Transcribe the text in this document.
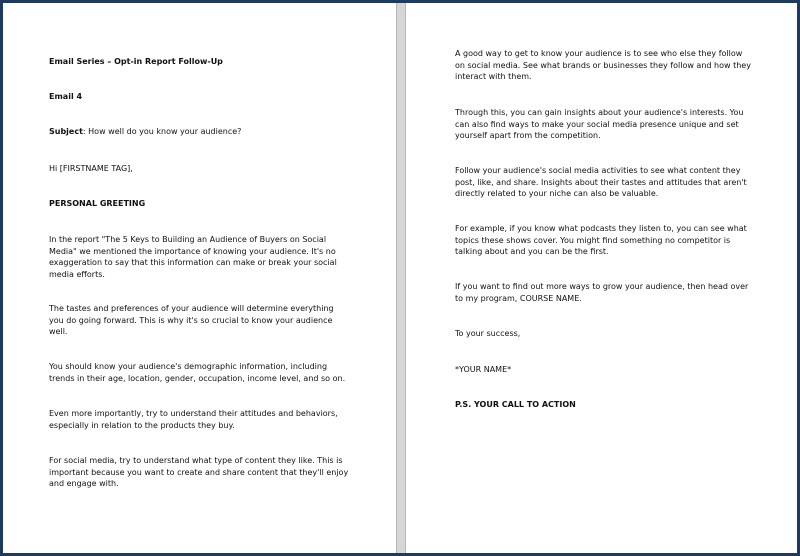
Email Series – Opt-in Report Follow-Up

Email 4

Subject: How well do you know your audience?

Hi [FIRSTNAME TAG],

PERSONAL GREETING

In the report "The 5 Keys to Building an Audience of Buyers on Social
Media" we mentioned the importance of knowing your audience. It's no
exaggeration to say that this information can make or break your social
media efforts.

The tastes and preferences of your audience will determine everything
you do going forward. This is why it's so crucial to know your audience
well.

You should know your audience's demographic information, including
trends in their age, location, gender, occupation, income level, and so on.

Even more importantly, try to understand their attitudes and behaviors,
especially in relation to the products they buy.

For social media, try to understand what type of content they like. This is
important because you want to create and share content that they'll enjoy
and engage with.

A good way to get to know your audience is to see who else they follow
on social media. See what brands or businesses they follow and how they
interact with them.

Through this, you can gain insights about your audience's interests. You
can also find ways to make your social media presence unique and set
yourself apart from the competition.

Follow your audience's social media activities to see what content they
post, like, and share. Insights about their tastes and attitudes that aren't
directly related to your niche can also be valuable.

For example, if you know what podcasts they listen to, you can see what
topics these shows cover. You might find something no competitor is
talking about and you can be the first.

If you want to find out more ways to grow your audience, then head over
to my program, COURSE NAME.

To your success,

*YOUR NAME*

P.S. YOUR CALL TO ACTION
